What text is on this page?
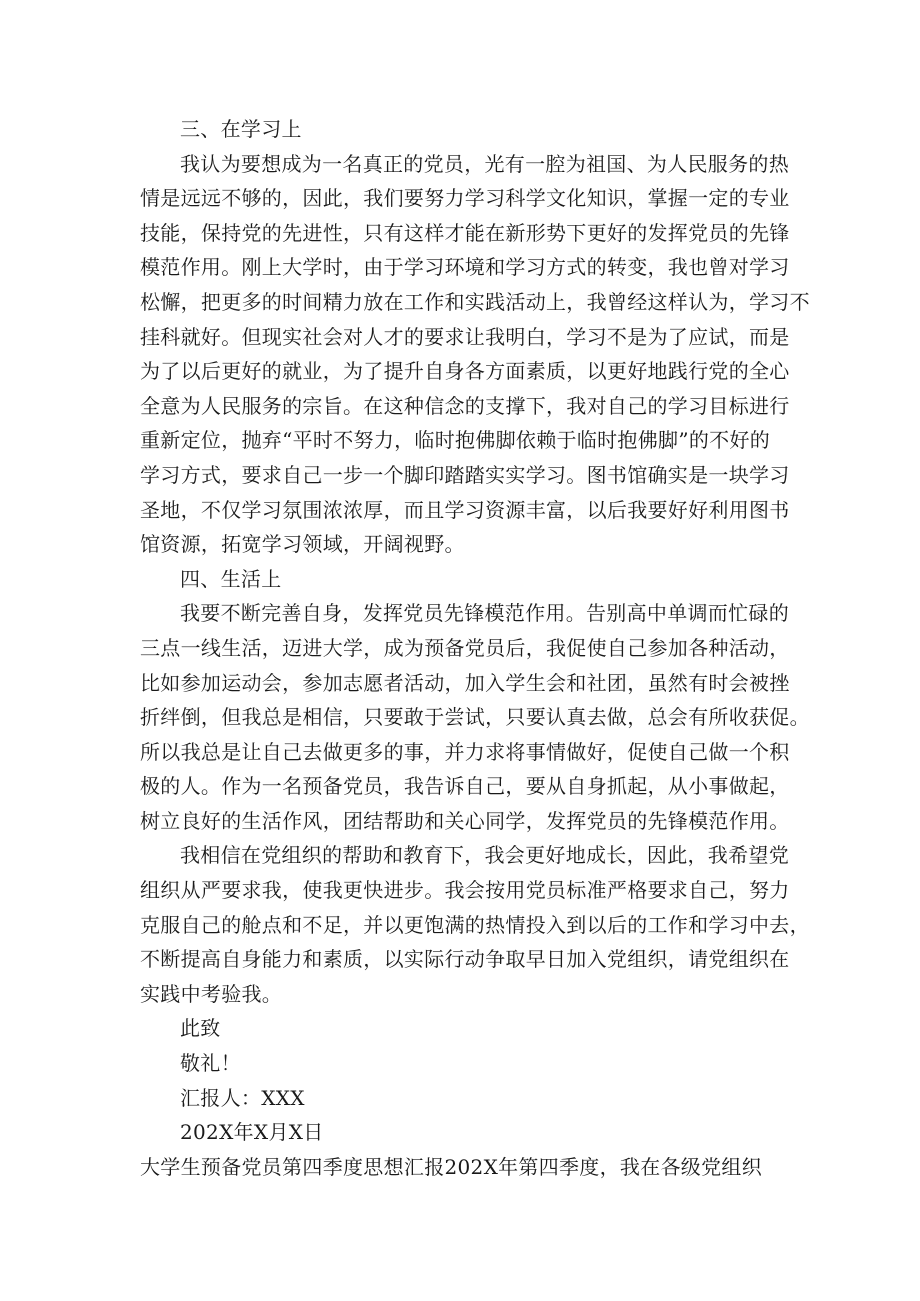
三、在学习上

我认为要想成为一名真正的党员，光有一腔为祖国、为人民服务的热
情是远远不够的，因此，我们要努力学习科学文化知识，掌握一定的专业
技能，保持党的先进性，只有这样才能在新形势下更好的发挥党员的先锋
模范作用。刚上大学时，由于学习环境和学习方式的转变，我也曾对学习
松懈，把更多的时间精力放在工作和实践活动上，我曾经这样认为，学习不
挂科就好。但现实社会对人才的要求让我明白，学习不是为了应试，而是
为了以后更好的就业，为了提升自身各方面素质，以更好地践行党的全心
全意为人民服务的宗旨。在这种信念的支撑下，我对自己的学习目标进行
重新定位，抛弃“平时不努力，临时抱佛脚依赖于临时抱佛脚”的不好的
学习方式，要求自己一步一个脚印踏踏实实学习。图书馆确实是一块学习
圣地，不仅学习氛围浓浓厚，而且学习资源丰富，以后我要好好利用图书
馆资源，拓宽学习领域，开阔视野。

四、生活上

我要不断完善自身，发挥党员先锋模范作用。告别高中单调而忙碌的
三点一线生活，迈进大学，成为预备党员后，我促使自己参加各种活动，
比如参加运动会，参加志愿者活动，加入学生会和社团，虽然有时会被挫
折绊倒，但我总是相信，只要敢于尝试，只要认真去做，总会有所收获促。
所以我总是让自己去做更多的事，并力求将事情做好，促使自己做一个积
极的人。作为一名预备党员，我告诉自己，要从自身抓起，从小事做起，
树立良好的生活作风，团结帮助和关心同学，发挥党员的先锋模范作用。
我相信在党组织的帮助和教育下，我会更好地成长，因此，我希望党
组织从严要求我，使我更快进步。我会按用党员标准严格要求自己，努力
克服自己的舱点和不足，并以更饱满的热情投入到以后的工作和学习中去，
不断提高自身能力和素质，以实际行动争取早日加入党组织，请党组织在
实践中考验我。
此致
敬礼！
汇报人：XXX
202X年X月X日
大学生预备党员第四季度思想汇报202X年第四季度，我在各级党组织
